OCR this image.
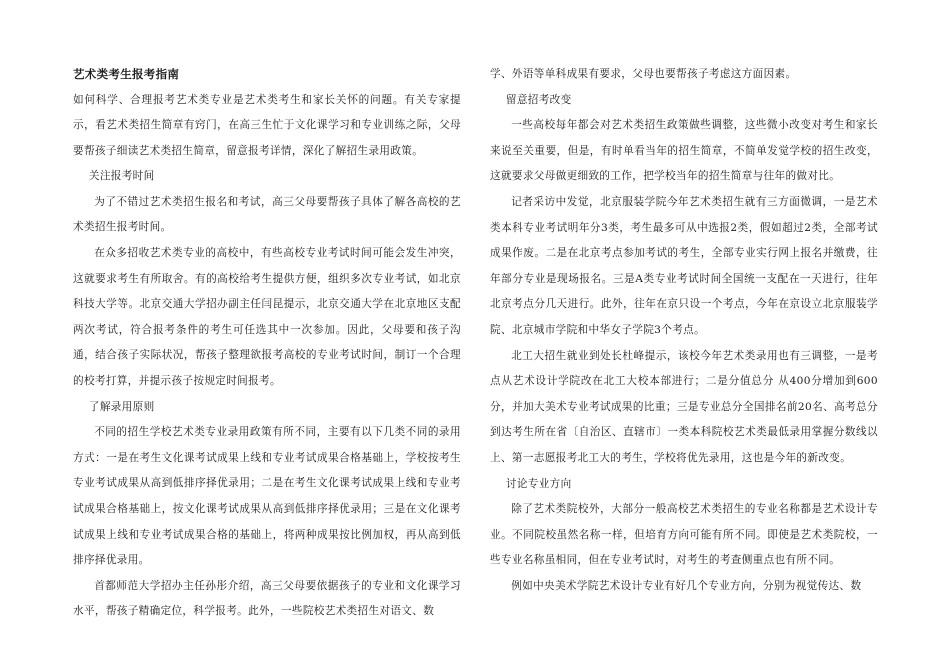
艺术类考生报考指南

如何科学、合理报考艺术类专业是艺术类考生和家长关怀的问题。有关专家提示，看艺术类招生简章有窍门，在高三生忙于文化课学习和专业训练之际，父母要帮孩子细读艺术类招生简章，留意报考详情，深化了解招生录用政策。

关注报考时间

为了不错过艺术类招生报名和考试，高三父母要帮孩子具体了解各高校的艺术类招生报考时间。

在众多招收艺术类专业的高校中，有些高校专业考试时间可能会发生冲突，这就要求考生有所取舍。有的高校给考生提供方便，组织多次专业考试，如北京科技大学等。北京交通大学招办副主任闫昆提示，北京交通大学在北京地区支配两次考试，符合报考条件的考生可任选其中一次参加。因此，父母要和孩子沟通，结合孩子实际状况，帮孩子整理欲报考高校的专业考试时间，制订一个合理的校考打算，并提示孩子按规定时间报考。

了解录用原则

不同的招生学校艺术类专业录用政策有所不同，主要有以下几类不同的录用方式：一是在考生文化课考试成果上线和专业考试成果合格基础上，学校按考生专业考试成果从高到低排序择优录用；二是在考生文化课考试成果上线和专业考试成果合格基础上，按文化课考试成果从高到低排序择优录用；三是在文化课考试成果上线和专业考试成果合格的基础上，将两种成果按比例加权，再从高到低排序择优录用。

首都师范大学招办主任孙彤介绍，高三父母要依据孩子的专业和文化课学习水平，帮孩子精确定位，科学报考。此外，一些院校艺术类招生对语文、数

学、外语等单科成果有要求，父母也要帮孩子考虑这方面因素。

留意招考改变

一些高校每年都会对艺术类招生政策做些调整，这些微小改变对考生和家长来说至关重要，但是，有时单看当年的招生简章，不简单发觉学校的招生改变，这就要求父母做更细致的工作，把学校当年的招生简章与往年的做对比。

记者采访中发觉，北京服装学院今年艺术类招生就有三方面微调，一是艺术类本科专业考试明年分3类，考生最多可从中选报2类，假如超过2类，全部考试成果作废。二是在北京考点参加考试的考生，全部专业实行网上报名并缴费，往年部分专业是现场报名。三是A类专业考试时间全国统一支配在一天进行，往年北京考点分几天进行。此外，往年在京只设一个考点，今年在京设立北京服装学院、北京城市学院和中华女子学院3个考点。

北工大招生就业到处长杜峰提示，该校今年艺术类录用也有三调整，一是考点从艺术设计学院改在北工大校本部进行；二是分值总分 从400分增加到600分，并加大美术专业考试成果的比重；三是专业总分全国排名前20名、高考总分到达考生所在省〔自治区、直辖市〕一类本科院校艺术类最低录用掌握分数线以上、第一志愿报考北工大的考生，学校将优先录用，这也是今年的新改变。

讨论专业方向

除了艺术类院校外，大部分一般高校艺术类招生的专业名称都是艺术设计专业。不同院校虽然名称一样，但培育方向可能有所不同。即使是艺术类院校，一些专业名称虽相同，但在专业考试时，对考生的考查侧重点也有所不同。

例如中央美术学院艺术设计专业有好几个专业方向，分别为视觉传达、数
